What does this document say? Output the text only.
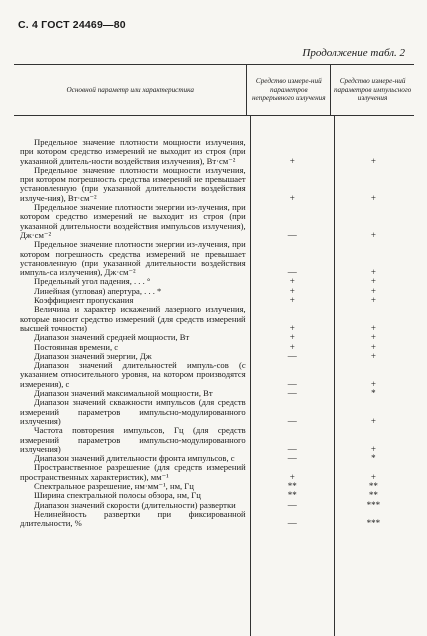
С. 4 ГОСТ 24469—80
Продолжение табл. 2
Основной параметр или характеристика
Средство измере-ний параметров непрерывного излучения
Средство измере-ний параметров импульсного излучения
Предельное значение плотности мощности излучения, при котором средство измерений не выходит из строя (при указанной длитель-ности воздействия излучения), Вт·см⁻²	+	+
Предельное значение плотности мощности излучения, при котором погрешность средства измерений не превышает установленную (при указанной длительности воздействия излуче-ния), Вт·см⁻²	+	+
Предельное значение плотности энергии из-лучения, при котором средство измерений не выходит из строя (при указанной длительности воздействия импульсов излучения), Дж·см⁻²	—	+
Предельное значение плотности энергии из-лучения, при котором погрешность средства измерений не превышает установленную (при указанной длительности воздействия импуль-са излучения), Дж·см⁻²	—	+
Предельный угол падения, . . . °	+	+
Линейная (угловая) апертура, . . . *	+	+
Коэффициент пропускания	+	+
Величина и характер искажений лазерного излучения, которые вносит средство измерений (для средств измерений высшей точности)	+	+
Диапазон значений средней мощности, Вт	+	+
Постоянная времени, с	+	+
Диапазон значений энергии, Дж	—	+
Диапазон значений длительностей импуль-сов (с указанием относительного уровня, на котором производятся измерения), с	—	+
Диапазон значений максимальной мощности, Вт	—	*
Диапазон значений скважности импульсов (для средств измерений параметров импульсно-модулированного излучения)	—	+
Частота повторения импульсов, Гц (для средств измерений параметров импульсно-модулированного излучения)	—	+
Диапазон значений длительности фронта импульсов, с	—	*
Пространственное разрешение (для средств измерений пространственных характеристик), мм⁻¹	+	+
Спектральное разрешение, нм·мм⁻¹, нм, Гц	**	**
Ширина спектральной полосы обзора, нм, Гц	**	**
Диапазон значений скорости (длительности) развертки	—	***
Нелинейность развертки при фиксированной длительности, %	—	***
